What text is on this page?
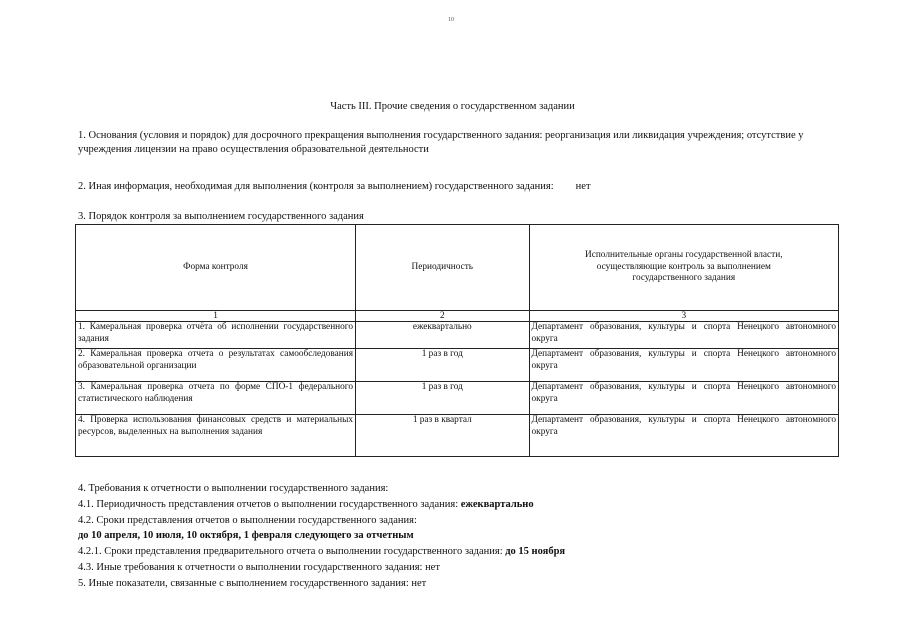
10
Часть III. Прочие сведения о государственном задании
1. Основания (условия и порядок) для досрочного прекращения выполнения государственного задания: реорганизация или ликвидация учреждения; отсутствие у учреждения лицензии на право осуществления образовательной деятельности
2. Иная информация, необходимая для выполнения (контроля за выполнением) государственного задания: нет
3. Порядок контроля за выполнением государственного задания
Форма контроля	Периодичность	Исполнительные органы государственной власти, осуществляющие контроль за выполнением государственного задания
1	2	3
1. Камеральная проверка отчёта об исполнении государственного задания	ежеквартально	Департамент образования, культуры и спорта Ненецкого автономного округа
2. Камеральная проверка отчета о результатах самообследования образовательной организации	1 раз в год	Департамент образования, культуры и спорта Ненецкого автономного округа
3. Камеральная проверка отчета по форме СПО-1 федерального статистического наблюдения	1 раз в год	Департамент образования, культуры и спорта Ненецкого автономного округа
4. Проверка использования финансовых средств и материальных ресурсов, выделенных на выполнения задания	1 раз в квартал	Департамент образования, культуры и спорта Ненецкого автономного округа
4. Требования к отчетности о выполнении государственного задания:
4.1. Периодичность представления отчетов о выполнении государственного задания: ежеквартально
4.2. Сроки представления отчетов о выполнении государственного задания:
до 10 апреля, 10 июля, 10 октября, 1 февраля следующего за отчетным
4.2.1. Сроки представления предварительного отчета о выполнении государственного задания: до 15 ноября
4.3. Иные требования к отчетности о выполнении государственного задания: нет
5. Иные показатели, связанные с выполнением государственного задания: нет
